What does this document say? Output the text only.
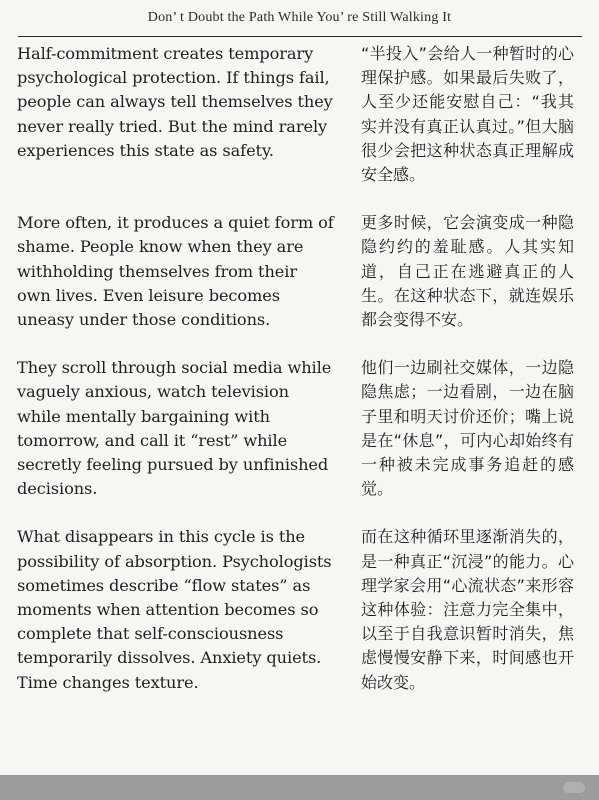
Don’ t Doubt the Path While You’ re Still Walking It
Half-commitment creates temporary psychological protection. If things fail, people can always tell themselves they never really tried. But the mind rarely experiences this state as safety.
“半投入”会给人一种暂时的心理保护感。如果最后失败了，人至少还能安慰自己：“我其实并没有真正认真过。”但大脑很少会把这种状态真正理解成安全感。
More often, it produces a quiet form of shame. People know when they are withholding themselves from their own lives. Even leisure becomes uneasy under those conditions.
更多时候，它会演变成一种隐隐约约的羞耻感。人其实知道，自己正在逃避真正的人生。在这种状态下，就连娱乐都会变得不安。
They scroll through social media while vaguely anxious, watch television while mentally bargaining with tomorrow, and call it “rest” while secretly feeling pursued by unfinished decisions.
他们一边刷社交媒体，一边隐隐焦虑；一边看剧，一边在脑子里和明天讨价还价；嘴上说是在“休息”，可内心却始终有一种被未完成事务追赶的感觉。
What disappears in this cycle is the possibility of absorption. Psychologists sometimes describe “flow states” as moments when attention becomes so complete that self-consciousness temporarily dissolves. Anxiety quiets. Time changes texture.
而在这种循环里逐渐消失的，是一种真正“沉浸”的能力。心理学家会用“心流状态”来形容这种体验：注意力完全集中，以至于自我意识暂时消失，焦虑慢慢安静下来，时间感也开始改变。
